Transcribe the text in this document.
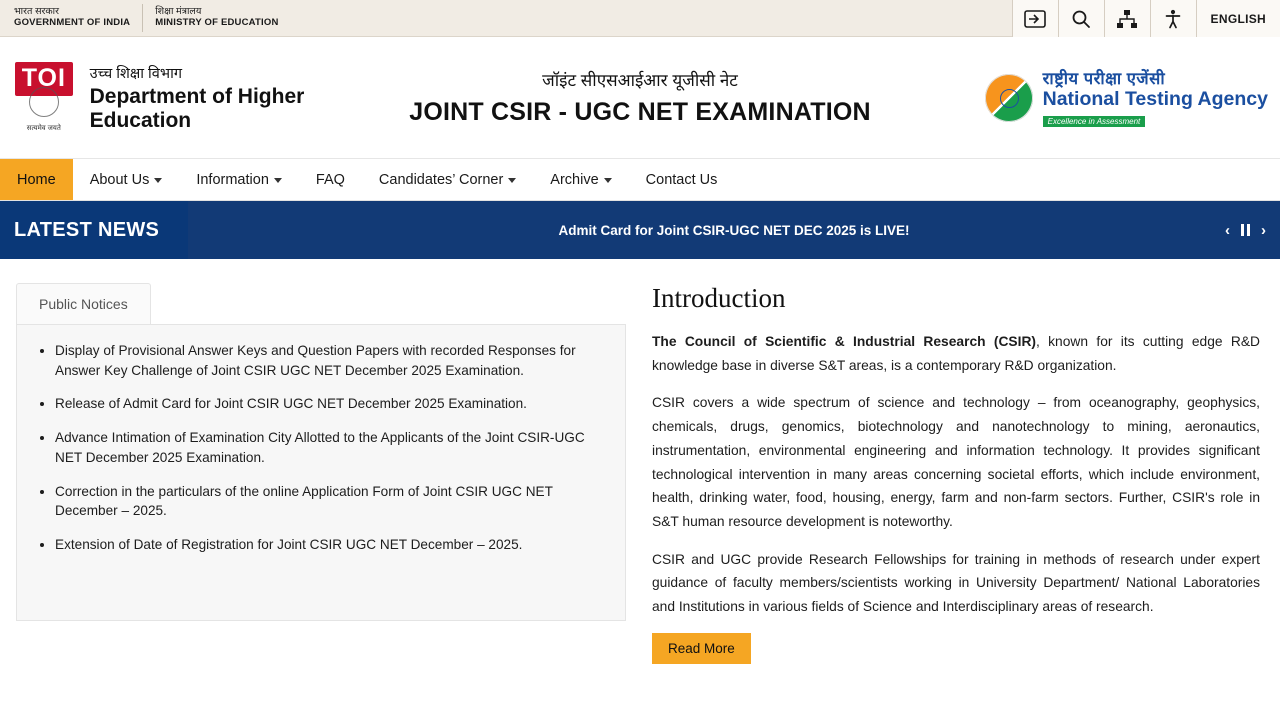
भारत सरकार
GOVERNMENT OF INDIA
शिक्षा मंत्रालय
MINISTRY OF EDUCATION	ENGLISH
TOI
सत्यमेव जयते
उच्च शिक्षा विभाग
Department of Higher Education
जॉइंट सीएसआईआर यूजीसी नेट
JOINT CSIR - UGC NET EXAMINATION
राष्ट्रीय परीक्षा एजेंसी
National Testing Agency
Excellence in Assessment
Home About Us	Information	FAQ Candidates’ Corner	Archive	Contact Us
LATEST NEWS	Admit Card for Joint CSIR-UGC NET DEC 2025 is LIVE!	‹ ›
Public Notices
• Display of Provisional Answer Keys and Question Papers with recorded Responses for Answer Key Challenge of Joint CSIR UGC NET December 2025 Examination.
• Release of Admit Card for Joint CSIR UGC NET December 2025 Examination.
• Advance Intimation of Examination City Allotted to the Applicants of the Joint CSIR-UGC NET December 2025 Examination.
• Correction in the particulars of the online Application Form of Joint CSIR UGC NET December – 2025.
• Extension of Date of Registration for Joint CSIR UGC NET December – 2025.
Introduction

The Council of Scientific & Industrial Research (CSIR), known for its cutting edge R&D knowledge base in diverse S&T areas, is a contemporary R&D organization.

CSIR covers a wide spectrum of science and technology – from oceanography, geophysics, chemicals, drugs, genomics, biotechnology and nanotechnology to mining, aeronautics, instrumentation, environmental engineering and information technology. It provides significant technological intervention in many areas concerning societal efforts, which include environment, health, drinking water, food, housing, energy, farm and non-farm sectors. Further, CSIR's role in S&T human resource development is noteworthy.

CSIR and UGC provide Research Fellowships for training in methods of research under expert guidance of faculty members/scientists working in University Department/ National Laboratories and Institutions in various fields of Science and Interdisciplinary areas of research.

Read More
